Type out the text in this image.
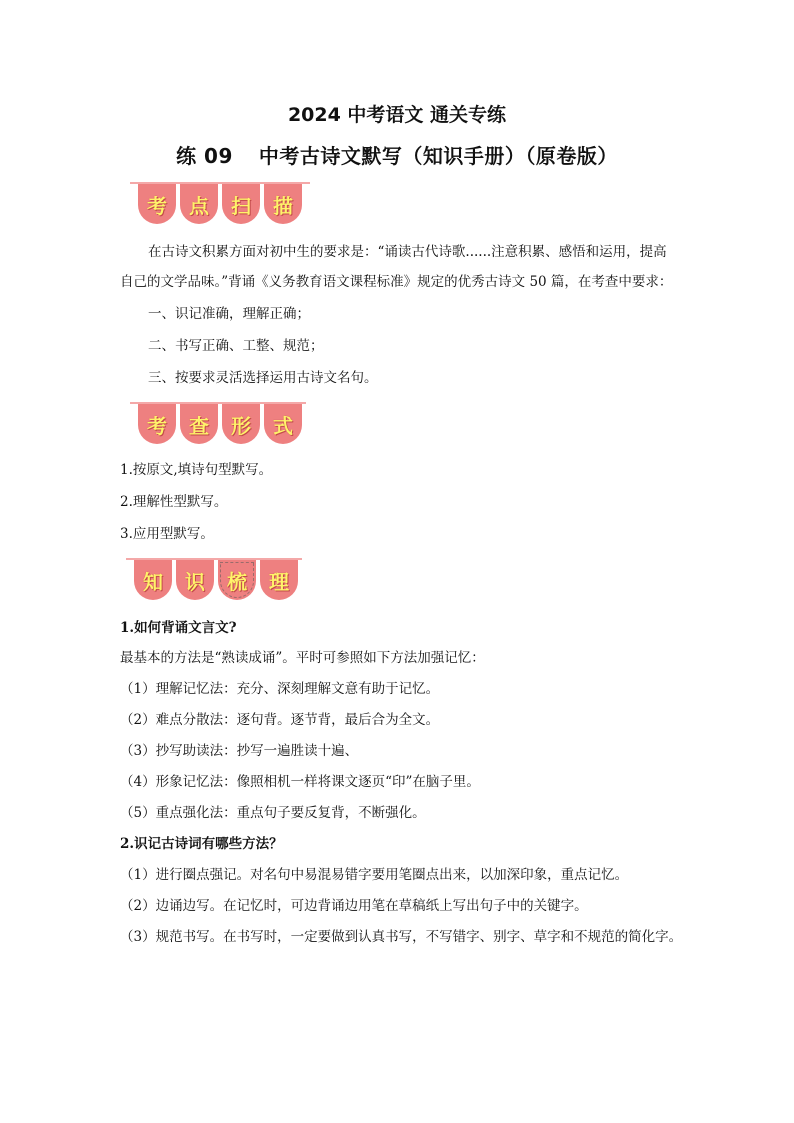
2024 中考语文 通关专练
练 09 中考古诗文默写（知识手册）（原卷版）
考	点	扫	描
在古诗文积累方面对初中生的要求是：“诵读古代诗歌......注意积累、感悟和运用，提高
自己的文学品味。”背诵《义务教育语文课程标准》规定的优秀古诗文 50 篇，在考查中要求：
一、识记准确，理解正确；
二、书写正确、工整、规范；
三、按要求灵活选择运用古诗文名句。
考	查	形	式
1.按原文,填诗句型默写。
2.理解性型默写。
3.应用型默写。
知	识	梳	理
1.如何背诵文言文?
最基本的方法是“熟读成诵”。平时可参照如下方法加强记忆：
（1）理解记忆法：充分、深刻理解文意有助于记忆。
（2）难点分散法：逐句背。逐节背，最后合为全文。
（3）抄写助读法：抄写一遍胜读十遍、
（4）形象记忆法：像照相机一样将课文逐页“印”在脑子里。
（5）重点强化法：重点句子要反复背，不断强化。
2.识记古诗词有哪些方法？
（1）进行圈点强记。对名句中易混易错字要用笔圈点出来，以加深印象，重点记忆。
（2）边诵边写。在记忆时，可边背诵边用笔在草稿纸上写出句子中的关键字。
（3）规范书写。在书写时，一定要做到认真书写，不写错字、别字、草字和不规范的简化字。
